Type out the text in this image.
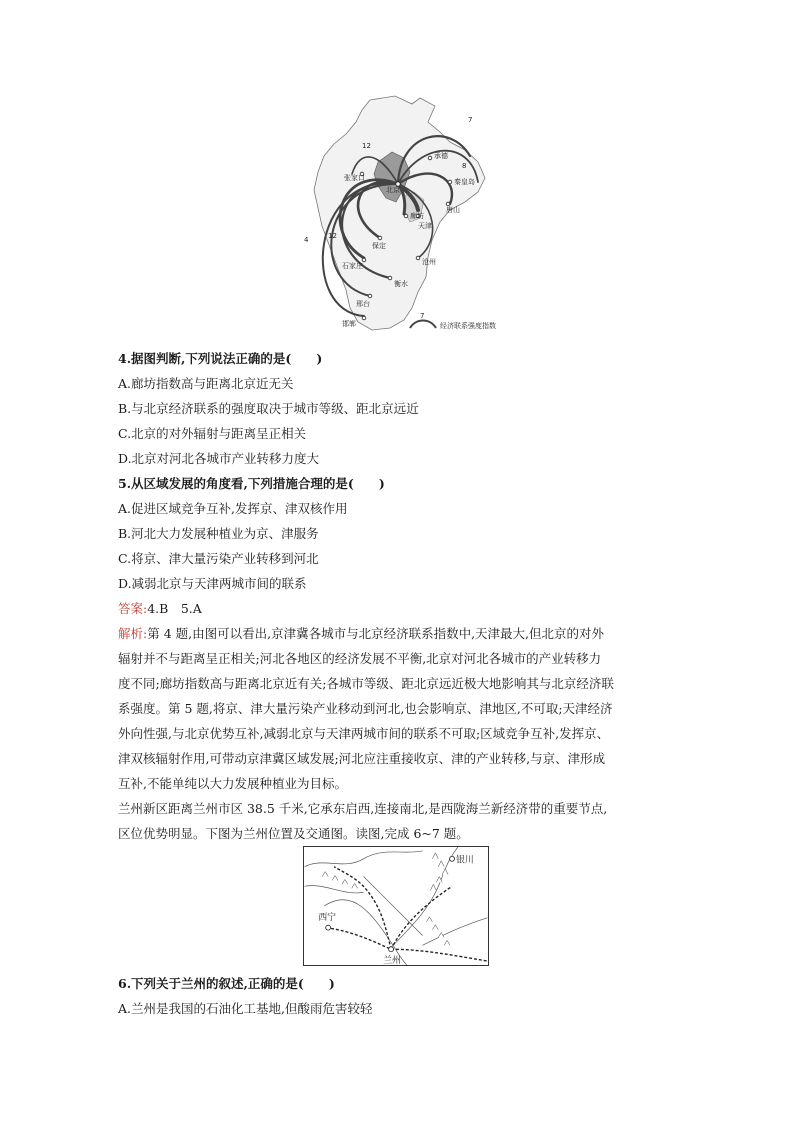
承德
张家口	秦皇岛
北京
唐山
廊坊
天津
保定
沧州
石家庄
衡水
邢台
邯郸
7
12
8
4	12
7
经济联系强度指数
4.据图判断,下列说法正确的是(　　)
A.廊坊指数高与距离北京近无关
B.与北京经济联系的强度取决于城市等级、距北京远近
C.北京的对外辐射与距离呈正相关
D.北京对河北各城市产业转移力度大
5.从区域发展的角度看,下列措施合理的是(　　)
A.促进区域竞争互补,发挥京、津双核作用
B.河北大力发展种植业为京、津服务
C.将京、津大量污染产业转移到河北
D.减弱北京与天津两城市间的联系
答案:4.B　5.A
解析:第 4 题,由图可以看出,京津冀各城市与北京经济联系指数中,天津最大,但北京的对外
辐射并不与距离呈正相关;河北各地区的经济发展不平衡,北京对河北各城市的产业转移力
度不同;廊坊指数高与距离北京近有关;各城市等级、距北京远近极大地影响其与北京经济联
系强度。第 5 题,将京、津大量污染产业移动到河北,也会影响京、津地区,不可取;天津经济
外向性强,与北京优势互补,减弱北京与天津两城市间的联系不可取;区域竞争互补,发挥京、
津双核辐射作用,可带动京津冀区域发展;河北应注重接收京、津的产业转移,与京、津形成
互补,不能单纯以大力发展种植业为目标。
兰州新区距离兰州市区 38.5 千米,它承东启西,连接南北,是西陇海兰新经济带的重要节点,
区位优势明显。下图为兰州位置及交通图。读图,完成 6~7 题。
西宁
兰州
银川
6.下列关于兰州的叙述,正确的是(　　)
A.兰州是我国的石油化工基地,但酸雨危害较轻
